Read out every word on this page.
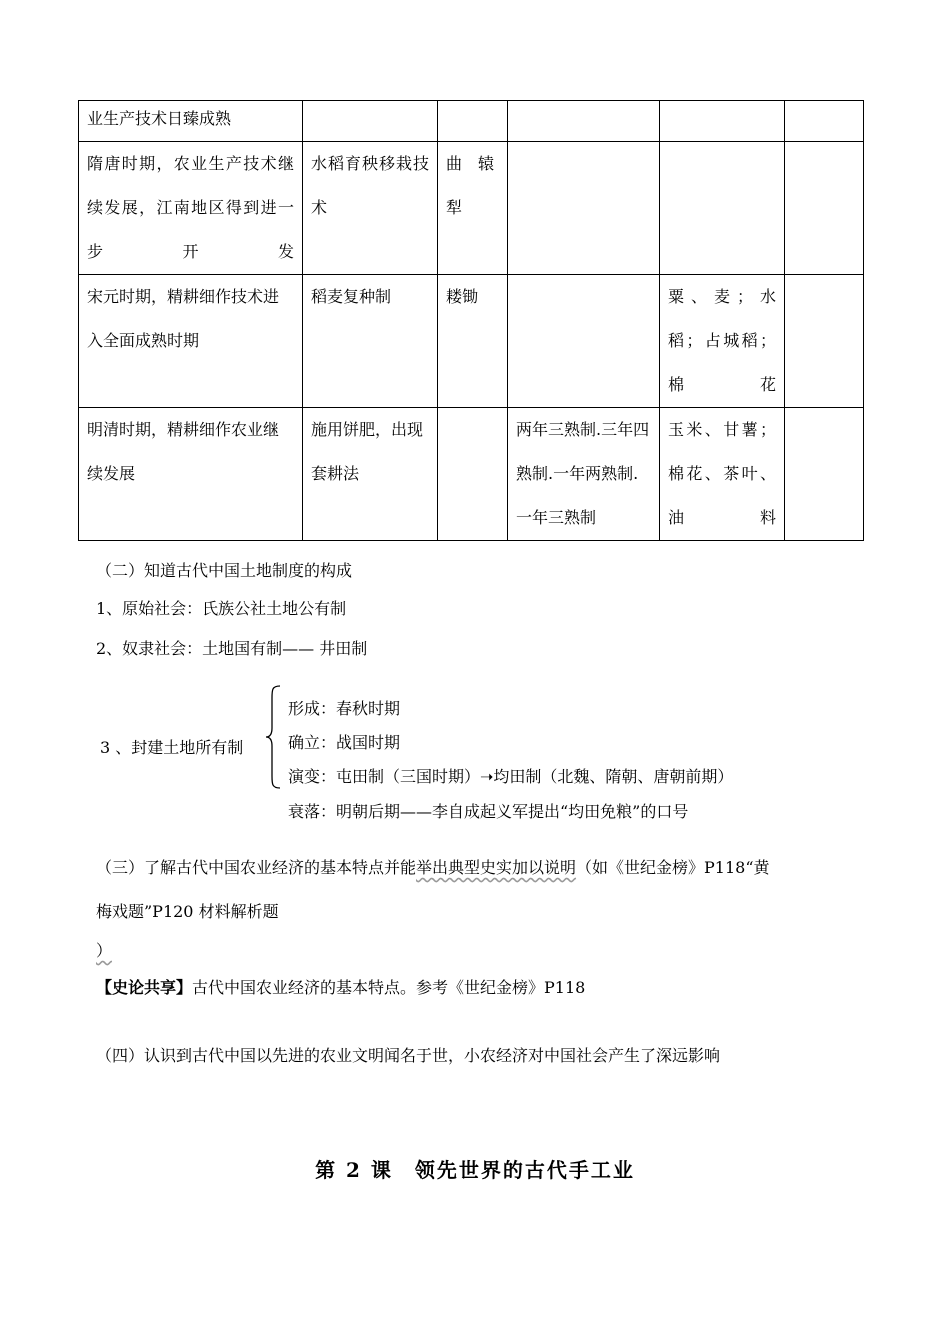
业生产技术日臻成熟					
隋唐时期，农业生产技术继续发展，江南地区得到进一步开发	水稻育秧移栽技术	曲　辕犁			
宋元时期，精耕细作技术进入全面成熟时期	稻麦复种制	耧锄		粟、麦；水稻；占城稻；棉花	
明清时期，精耕细作农业继续发展	施用饼肥，出现套耕法		两年三熟制.三年四熟制.一年两熟制.一年三熟制	玉米、甘薯；棉花、茶叶、油料	
（二）知道古代中国土地制度的构成
1、原始社会：氏族公社土地公有制
2、奴隶社会：土地国有制—— 井田制
3 、封建土地所有制
形成：春秋时期
确立：战国时期
演变：屯田制（三国时期）➝均田制（北魏、隋朝、唐朝前期）
衰落：明朝后期——李自成起义军提出“均田免粮”的口号
（三）了解古代中国农业经济的基本特点并能举出典型史实加以说明（如《世纪金榜》P118“黄
梅戏题”P120 材料解析题
）
【史论共享】古代中国农业经济的基本特点。参考《世纪金榜》P118
（四）认识到古代中国以先进的农业文明闻名于世，小农经济对中国社会产生了深远影响
第 2 课　领先世界的古代手工业
